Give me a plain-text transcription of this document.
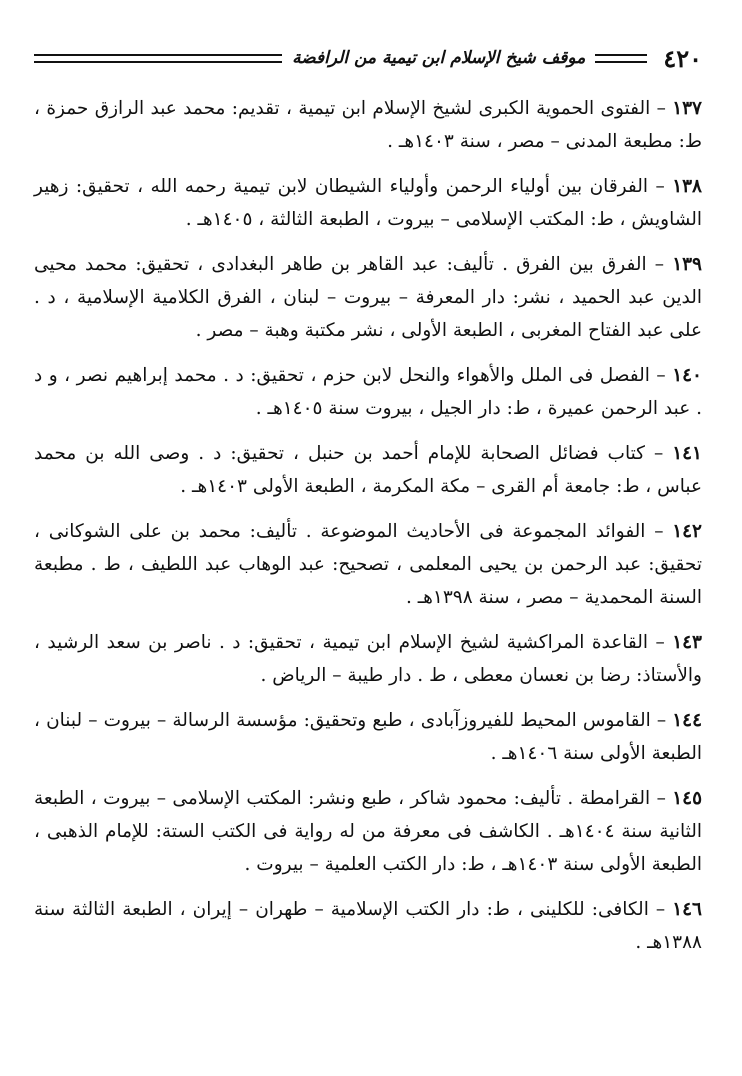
٤٢٠
موقف شيخ الإسلام ابن تيمية من الرافضة
١٣٧ – الفتوى الحموية الكبرى لشيخ الإسلام ابن تيمية ، تقديم: محمد عبد الرازق حمزة ، ط: مطبعة المدنى – مصر ، سنة ١٤٠٣هـ .
١٣٨ – الفرقان بين أولياء الرحمن وأولياء الشيطان لابن تيمية رحمه الله ، تحقيق: زهير الشاويش ، ط: المكتب الإسلامى – بيروت ، الطبعة الثالثة ، ١٤٠٥هـ .
١٣٩ – الفرق بين الفرق . تأليف: عبد القاهر بن طاهر البغدادى ، تحقيق: محمد محيى الدين عبد الحميد ، نشر: دار المعرفة – بيروت – لبنان ، الفرق الكلامية الإسلامية ، د . على عبد الفتاح المغربى ، الطبعة الأولى ، نشر مكتبة وهبة – مصر .
١٤٠ – الفصل فى الملل والأهواء والنحل لابن حزم ، تحقيق: د . محمد إبراهيم نصر ، و د . عبد الرحمن عميرة ، ط: دار الجيل ، بيروت سنة ١٤٠٥هـ .
١٤١ – كتاب فضائل الصحابة للإمام أحمد بن حنبل ، تحقيق: د . وصى الله بن محمد عباس ، ط: جامعة أم القرى – مكة المكرمة ، الطبعة الأولى ١٤٠٣هـ .
١٤٢ – الفوائد المجموعة فى الأحاديث الموضوعة . تأليف: محمد بن على الشوكانى ، تحقيق: عبد الرحمن بن يحيى المعلمى ، تصحيح: عبد الوهاب عبد اللطيف ، ط . مطبعة السنة المحمدية – مصر ، سنة ١٣٩٨هـ .
١٤٣ – القاعدة المراكشية لشيخ الإسلام ابن تيمية ، تحقيق: د . ناصر بن سعد الرشيد ، والأستاذ: رضا بن نعسان معطى ، ط . دار طيبة – الرياض .
١٤٤ – القاموس المحيط للفيروزآبادى ، طبع وتحقيق: مؤسسة الرسالة – بيروت – لبنان ، الطبعة الأولى سنة ١٤٠٦هـ .
١٤٥ – القرامطة . تأليف: محمود شاكر ، طبع ونشر: المكتب الإسلامى – بيروت ، الطبعة الثانية سنة ١٤٠٤هـ . الكاشف فى معرفة من له رواية فى الكتب الستة: للإمام الذهبى ، الطبعة الأولى سنة ١٤٠٣هـ ، ط: دار الكتب العلمية – بيروت .
١٤٦ – الكافى: للكلينى ، ط: دار الكتب الإسلامية – طهران – إيران ، الطبعة الثالثة سنة ١٣٨٨هـ .
